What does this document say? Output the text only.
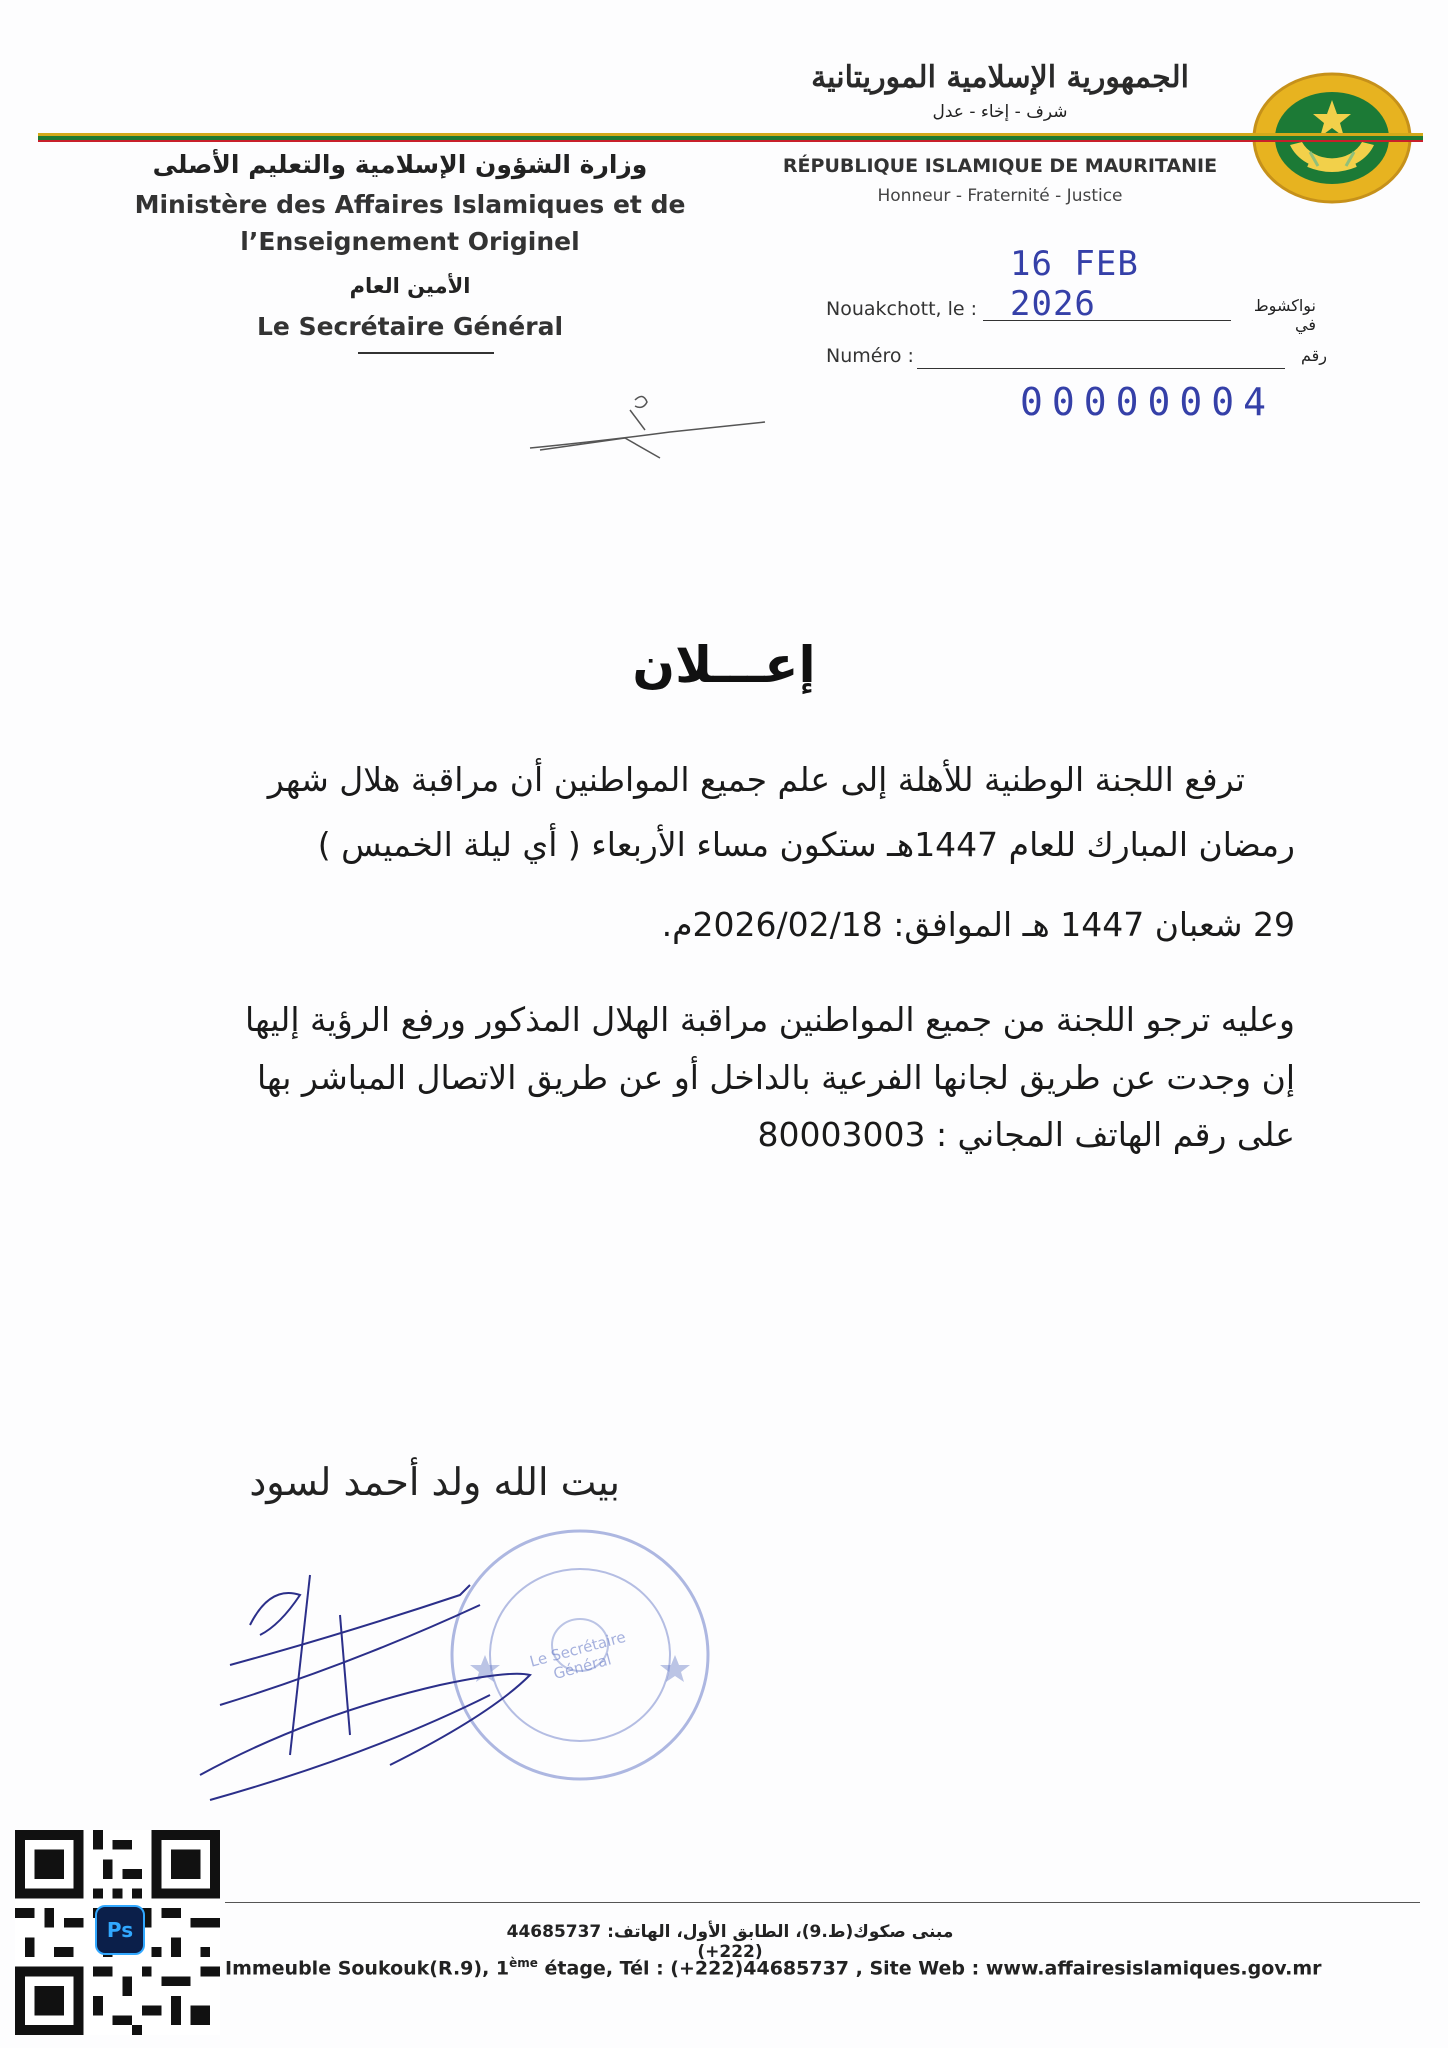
الجمهورية الإسلامية الموريتانية
شرف - إخاء - عدل
وزارة الشؤون الإسلامية والتعليم الأصلى
Ministère des Affaires Islamiques et de
l’Enseignement Originel
الأمين العام
Le Secrétaire Général
RÉPUBLIQUE ISLAMIQUE DE MAURITANIE
Honneur - Fraternité - Justice
16 FEB 2026
Nouakchott, le :	نواكشوط في
Numéro :	رقم
00000004
إعـــلان
ترفع اللجنة الوطنية للأهلة إلى علم جميع المواطنين أن مراقبة هلال شهر
رمضان المبارك للعام 1447هـ ستكون مساء الأربعاء ( أي ليلة الخميس )
29 شعبان 1447 هـ الموافق: 2026/02/18م.
وعليه ترجو اللجنة من جميع المواطنين مراقبة الهلال المذكور ورفع الرؤية إليها
إن وجدت عن طريق لجانها الفرعية بالداخل أو عن طريق الاتصال المباشر بها
على رقم الهاتف المجاني : 80003003
بيت الله ولد أحمد لسود
Le Secrétaire Général
Ps	مبنى صكوك(ط.9)، الطابق الأول، الهاتف: 44685737 (222+)
Immeuble Soukouk(R.9), 1ème étage, Tél : (+222)44685737 , Site Web : www.affairesislamiques.gov.mr
